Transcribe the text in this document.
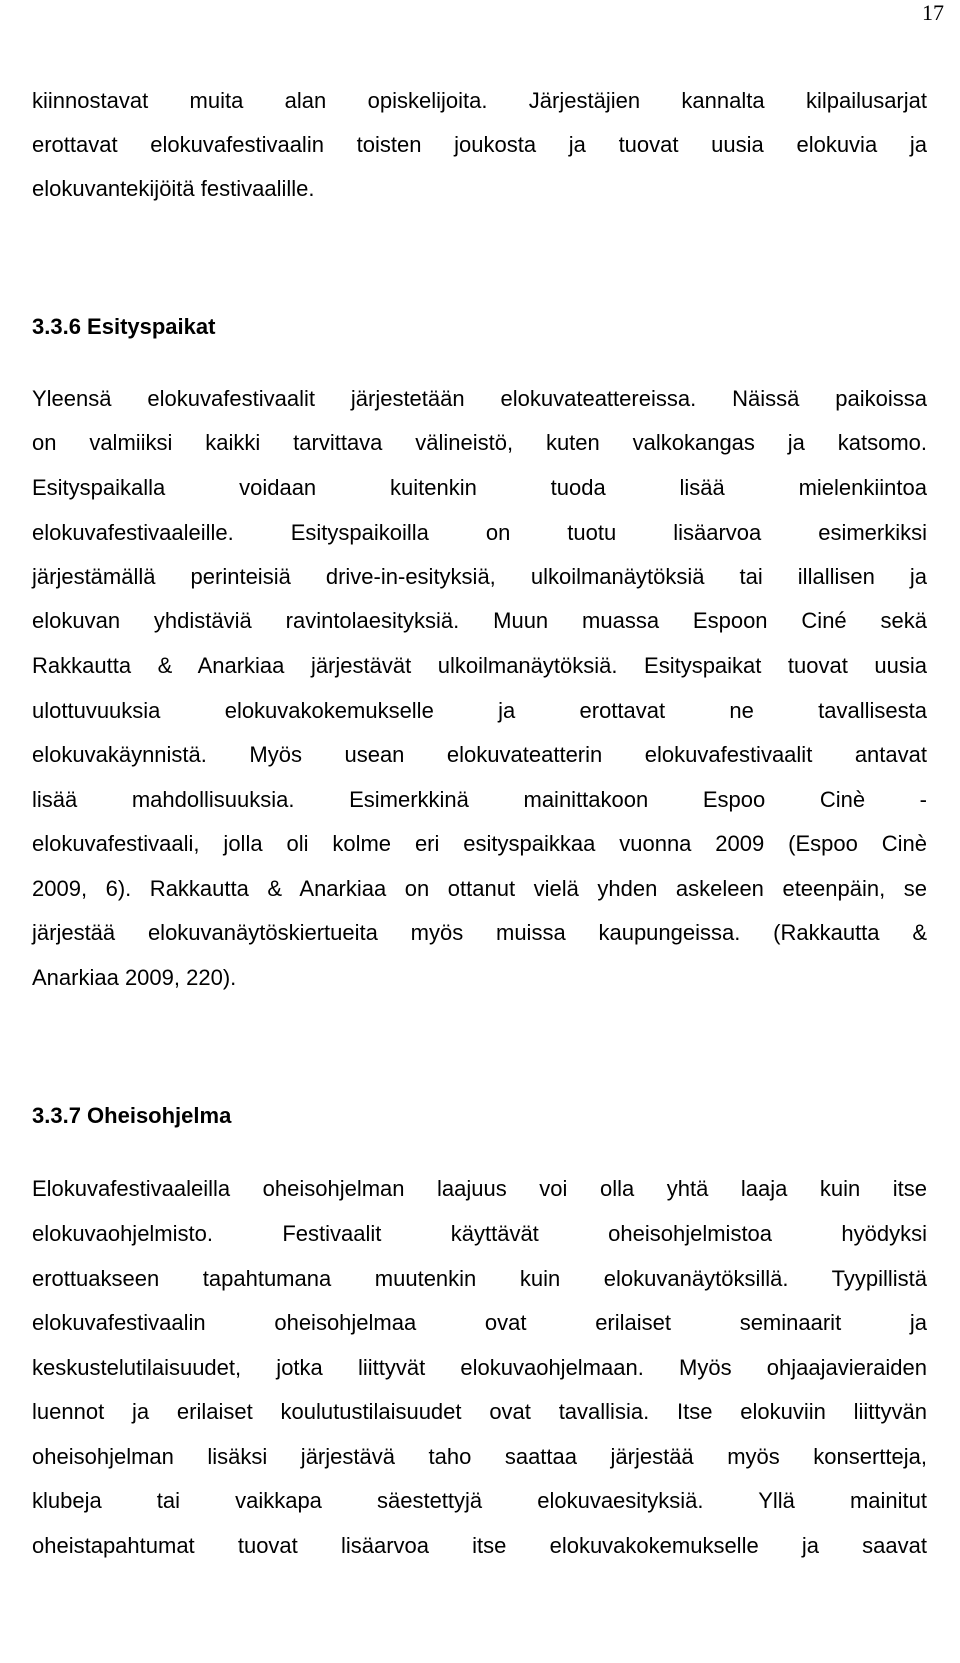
17
kiinnostavat muita alan opiskelijoita. Järjestäjien kannalta kilpailusarjat
erottavat elokuvafestivaalin toisten joukosta ja tuovat uusia elokuvia ja
elokuvantekijöitä festivaalille.
3.3.6 Esityspaikat
Yleensä elokuvafestivaalit järjestetään elokuvateattereissa. Näissä paikoissa
on valmiiksi kaikki tarvittava välineistö, kuten valkokangas ja katsomo.
Esityspaikalla voidaan kuitenkin tuoda lisää mielenkiintoa
elokuvafestivaaleille. Esityspaikoilla on tuotu lisäarvoa esimerkiksi
järjestämällä perinteisiä drive-in-esityksiä, ulkoilmanäytöksiä tai illallisen ja
elokuvan yhdistäviä ravintolaesityksiä. Muun muassa Espoon Ciné sekä
Rakkautta & Anarkiaa järjestävät ulkoilmanäytöksiä. Esityspaikat tuovat uusia
ulottuvuuksia elokuvakokemukselle ja erottavat ne tavallisesta
elokuvakäynnistä. Myös usean elokuvateatterin elokuvafestivaalit antavat
lisää mahdollisuuksia. Esimerkkinä mainittakoon Espoo Cinè -
elokuvafestivaali, jolla oli kolme eri esityspaikkaa vuonna 2009 (Espoo Cinè
2009, 6). Rakkautta & Anarkiaa on ottanut vielä yhden askeleen eteenpäin, se
järjestää elokuvanäytöskiertueita myös muissa kaupungeissa. (Rakkautta &
Anarkiaa 2009, 220).
3.3.7 Oheisohjelma
Elokuvafestivaaleilla oheisohjelman laajuus voi olla yhtä laaja kuin itse
elokuvaohjelmisto. Festivaalit käyttävät oheisohjelmistoa hyödyksi
erottuakseen tapahtumana muutenkin kuin elokuvanäytöksillä. Tyypillistä
elokuvafestivaalin oheisohjelmaa ovat erilaiset seminaarit ja
keskustelutilaisuudet, jotka liittyvät elokuvaohjelmaan. Myös ohjaajavieraiden
luennot ja erilaiset koulutustilaisuudet ovat tavallisia. Itse elokuviin liittyvän
oheisohjelman lisäksi järjestävä taho saattaa järjestää myös konsertteja,
klubeja tai vaikkapa säestettyjä elokuvaesityksiä. Yllä mainitut
oheistapahtumat tuovat lisäarvoa itse elokuvakokemukselle ja saavat
